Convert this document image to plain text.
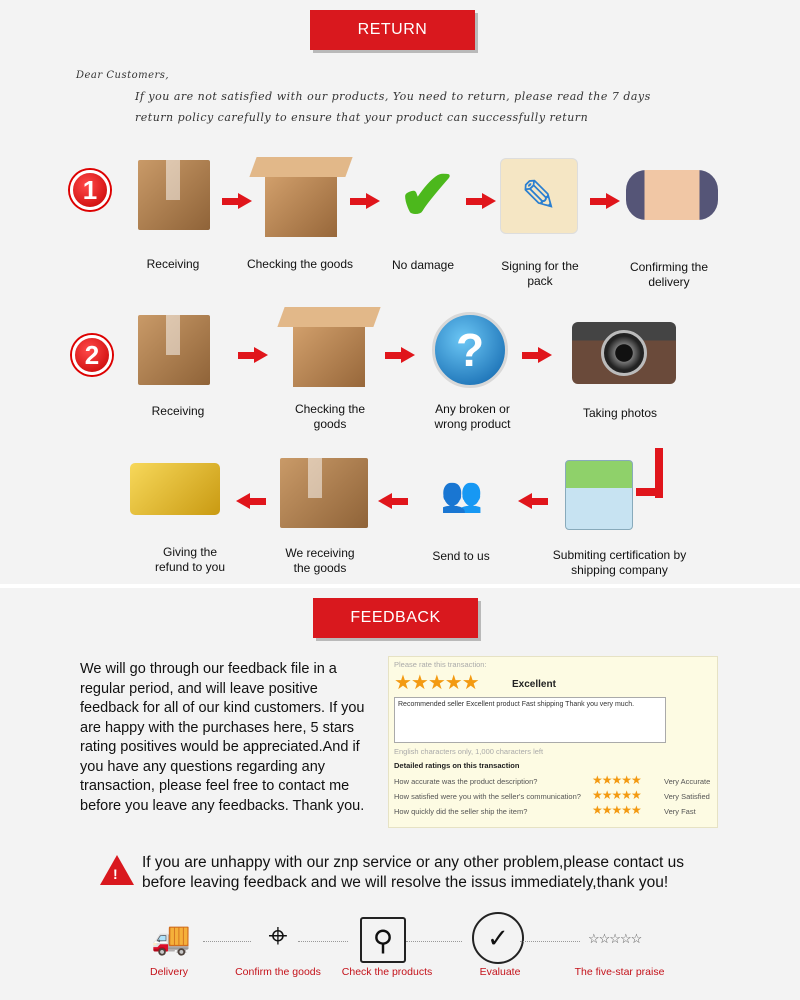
RETURN
Dear Customers,
If you are not satisfied with our products, You need to return, please read the 7 days
return policy carefully to ensure that your product can successfully return
1	✔	✎
Receiving	Checking the goods	No damage	Signing for the pack
Confirming the delivery
2	?
Receiving	Checking the goods
Any broken or wrong product
Taking photos
👥
Giving the refund to you
We receiving the goods
Send to us	Submiting certification by shipping company
FEEDBACK
We will go through our feedback file in a regular period, and will leave positive feedback for all of our kind customers. If you are happy with the purchases here, 5 stars rating positives would be appreciated.And if you have any questions regarding any transaction, please feel free to contact me before you leave any feedbacks. Thank you.
Please rate this transaction:
★★★★★	Excellent
Recommended seller Excellent product Fast shipping Thank you very much.
English characters only, 1,000 characters left
Detailed ratings on this transaction
How accurate was the product description?	★★★★★	Very Accurate
How satisfied were you with the seller's communication? ★★★★★	Very Satisfied
How quickly did the seller ship the item?	★★★★★	Very Fast
!
If you are unhappy with our znp service or any other problem,please contact us before leaving feedback and we will resolve the issus immediately,thank you!
🚚	⌖	⚲	✓	☆☆☆☆☆
Delivery	Confirm the goods	Check the products	Evaluate	The five-star praise
